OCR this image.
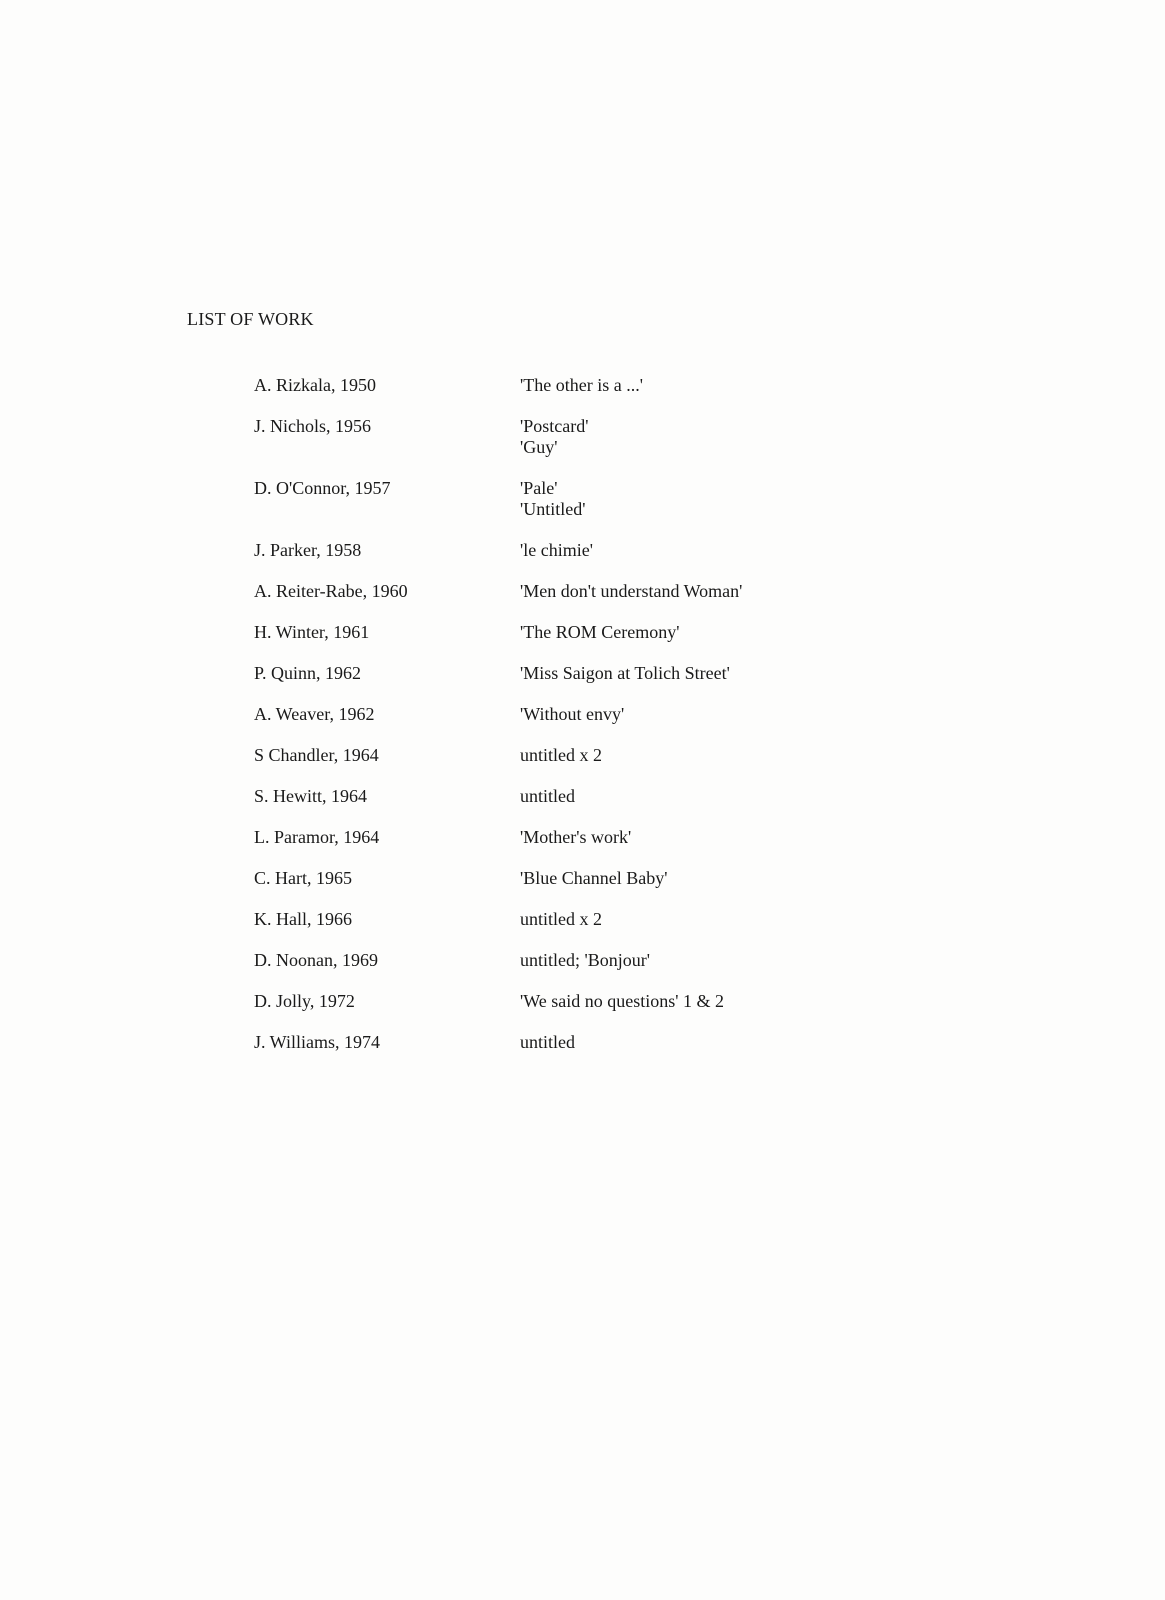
LIST OF WORK
A. Rizkala, 1950	'The other is a ...'
J. Nichols, 1956	'Postcard'
'Guy'
D. O'Connor, 1957	'Pale'
'Untitled'
J. Parker, 1958	'le chimie'
A. Reiter-Rabe, 1960	'Men don't understand Woman'
H. Winter, 1961	'The ROM Ceremony'
P. Quinn, 1962	'Miss Saigon at Tolich Street'
A. Weaver, 1962	'Without envy'
S Chandler, 1964	untitled x 2
S. Hewitt, 1964	untitled
L. Paramor, 1964	'Mother's work'
C. Hart, 1965	'Blue Channel Baby'
K. Hall, 1966	untitled x 2
D. Noonan, 1969	untitled; 'Bonjour'
D. Jolly, 1972	'We said no questions' 1 & 2
J. Williams, 1974	untitled
